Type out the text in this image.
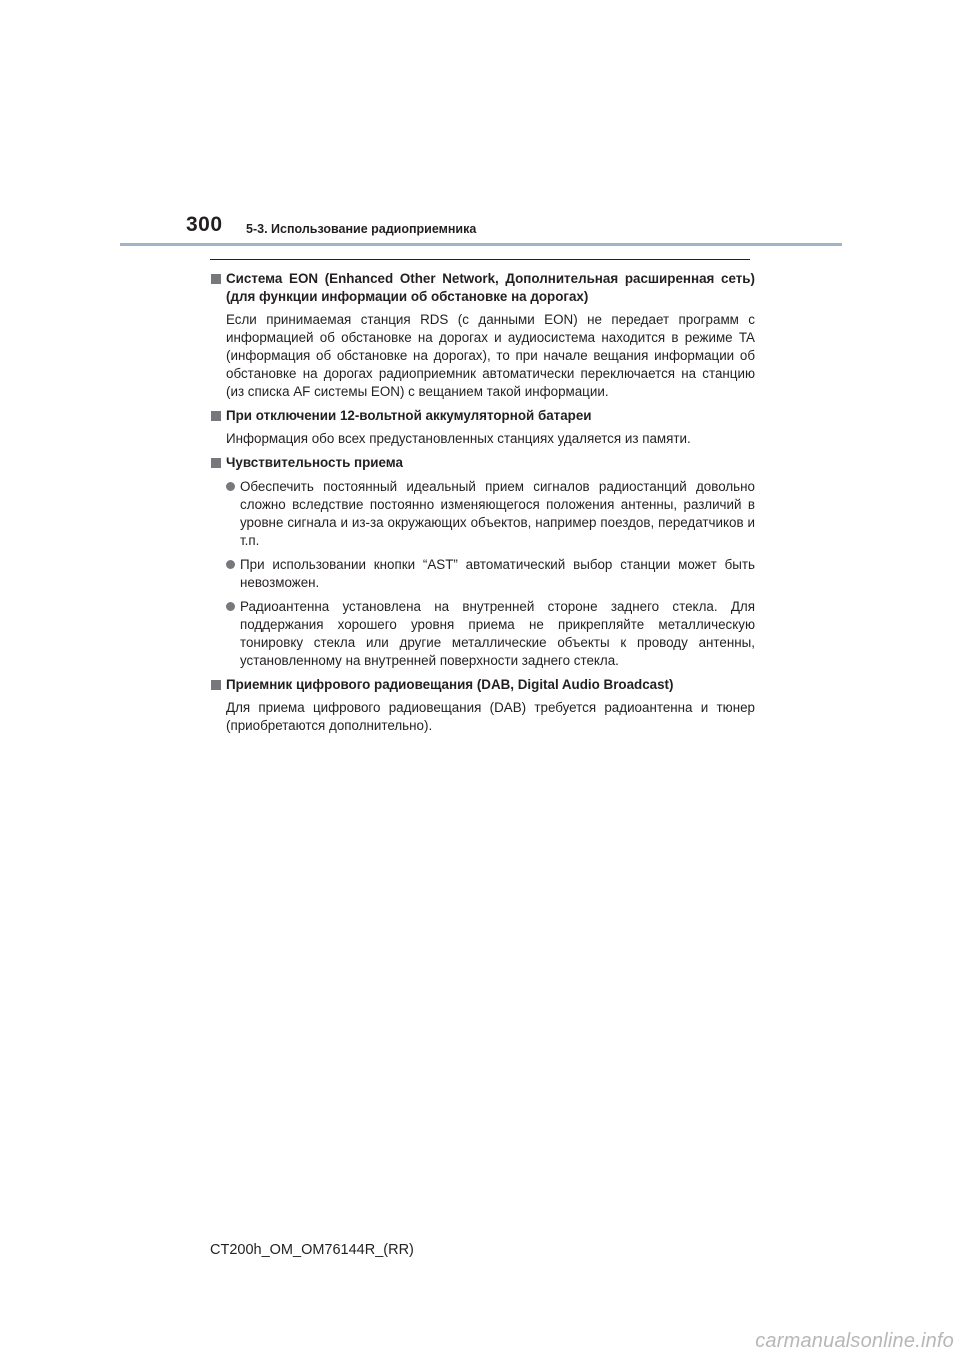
300 5-3. Использование радиоприемника
Система EON (Enhanced Other Network, Дополнительная расширенная сеть) (для функции информации об обстановке на дорогах)
Если принимаемая станция RDS (с данными EON) не передает программ с информацией об обстановке на дорогах и аудиосистема находится в режиме TA (информация об обстановке на дорогах), то при начале вещания информации об обстановке на дорогах радиоприемник автоматически переключается на станцию (из списка AF системы EON) с вещанием такой информации.
При отключении 12-вольтной аккумуляторной батареи
Информация обо всех предустановленных станциях удаляется из памяти.
Чувствительность приема
Обеспечить постоянный идеальный прием сигналов радиостанций довольно сложно вследствие постоянно изменяющегося положения антенны, различий в уровне сигнала и из-за окружающих объектов, например поездов, передатчиков и т.п.
При использовании кнопки “AST” автоматический выбор станции может быть невозможен.
Радиоантенна установлена на внутренней стороне заднего стекла. Для поддержания хорошего уровня приема не прикрепляйте металлическую тонировку стекла или другие металлические объекты к проводу антенны, установленному на внутренней поверхности заднего стекла.
Приемник цифрового радиовещания (DAB, Digital Audio Broadcast)
Для приема цифрового радиовещания (DAB) требуется радиоантенна и тюнер (приобретаются дополнительно).
CT200h_OM_OM76144R_(RR)
carmanualsonline.info
